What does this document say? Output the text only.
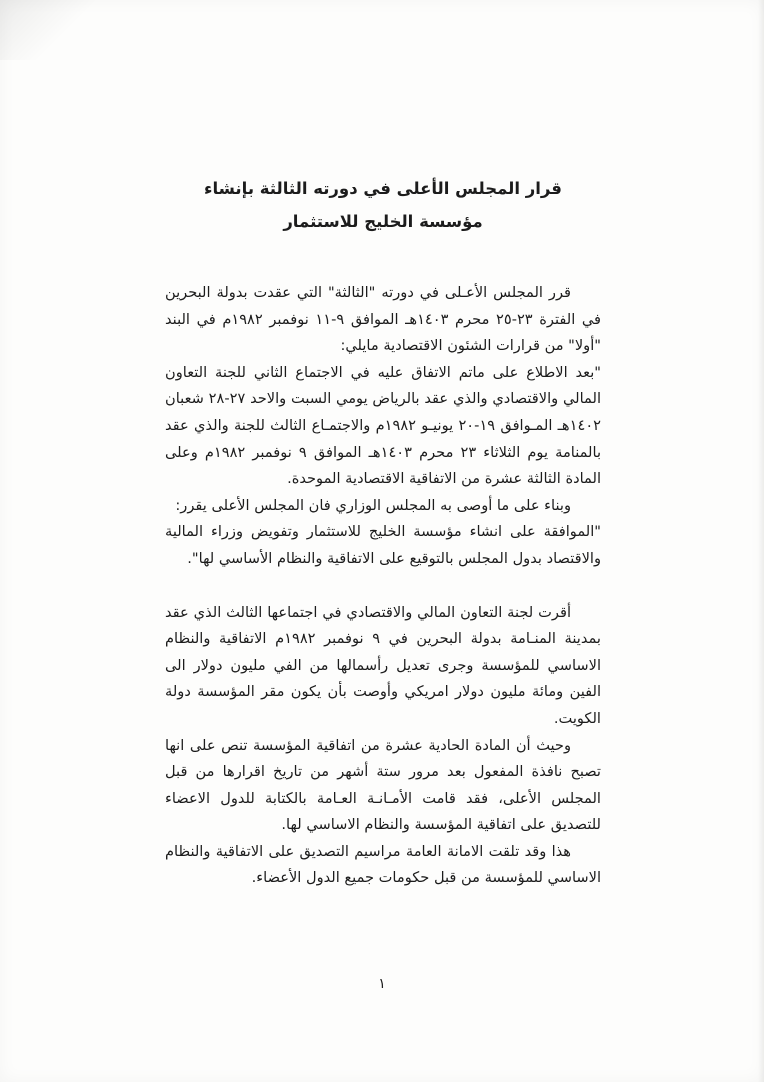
قرار المجلس الأعلى في دورته الثالثة بإنشاء
مؤسسة الخليج للاستثمار

قرر المجلس الأعـلى في دورته "الثالثة" التي عقدت بدولة البحرين في الفترة ٢٣-٢٥ محرم ١٤٠٣هـ الموافق ٩-١١ نوفمبر ١٩٨٢م في البند "أولا" من قرارات الشئون الاقتصادية مايلي:

"بعد الاطلاع على ماتم الاتفاق عليه في الاجتماع الثاني للجنة التعاون المالي والاقتصادي والذي عقد بالرياض يومي السبت والاحد ٢٧-٢٨ شعبان ١٤٠٢هـ المـوافق ١٩-٢٠ يونيـو ١٩٨٢م والاجتمـاع الثالث للجنة والذي عقد بالمنامة يوم الثلاثاء ٢٣ محرم ١٤٠٣هـ الموافق ٩ نوفمبر ١٩٨٢م وعلى المادة الثالثة عشرة من الاتفاقية الاقتصادية الموحدة.

وبناء على ما أوصى به المجلس الوزاري فان المجلس الأعلى يقرر:

"الموافقة على انشاء مؤسسة الخليج للاستثمار وتفويض وزراء المالية والاقتصاد بدول المجلس بالتوقيع على الاتفاقية والنظام الأساسي لها".

أقرت لجنة التعاون المالي والاقتصادي في اجتماعها الثالث الذي عقد بمدينة المنـامة بدولة البحرين في ٩ نوفمبر ١٩٨٢م الاتفاقية والنظام الاساسي للمؤسسة وجرى تعديل رأسمالها من الفي مليون دولار الى الفين ومائة مليون دولار امريكي وأوصت بأن يكون مقر المؤسسة دولة الكويت.

وحيث أن المادة الحادية عشرة من اتفاقية المؤسسة تنص على انها تصبح نافذة المفعول بعد مرور ستة أشهر من تاريخ اقرارها من قبل المجلس الأعلى، فقد قامت الأمـانـة العـامة بالكتابة للدول الاعضاء للتصديق على اتفاقية المؤسسة والنظام الاساسي لها.

هذا وقد تلقت الامانة العامة مراسيم التصديق على الاتفاقية والنظام الاساسي للمؤسسة من قبل حكومات جميع الدول الأعضاء.

١
